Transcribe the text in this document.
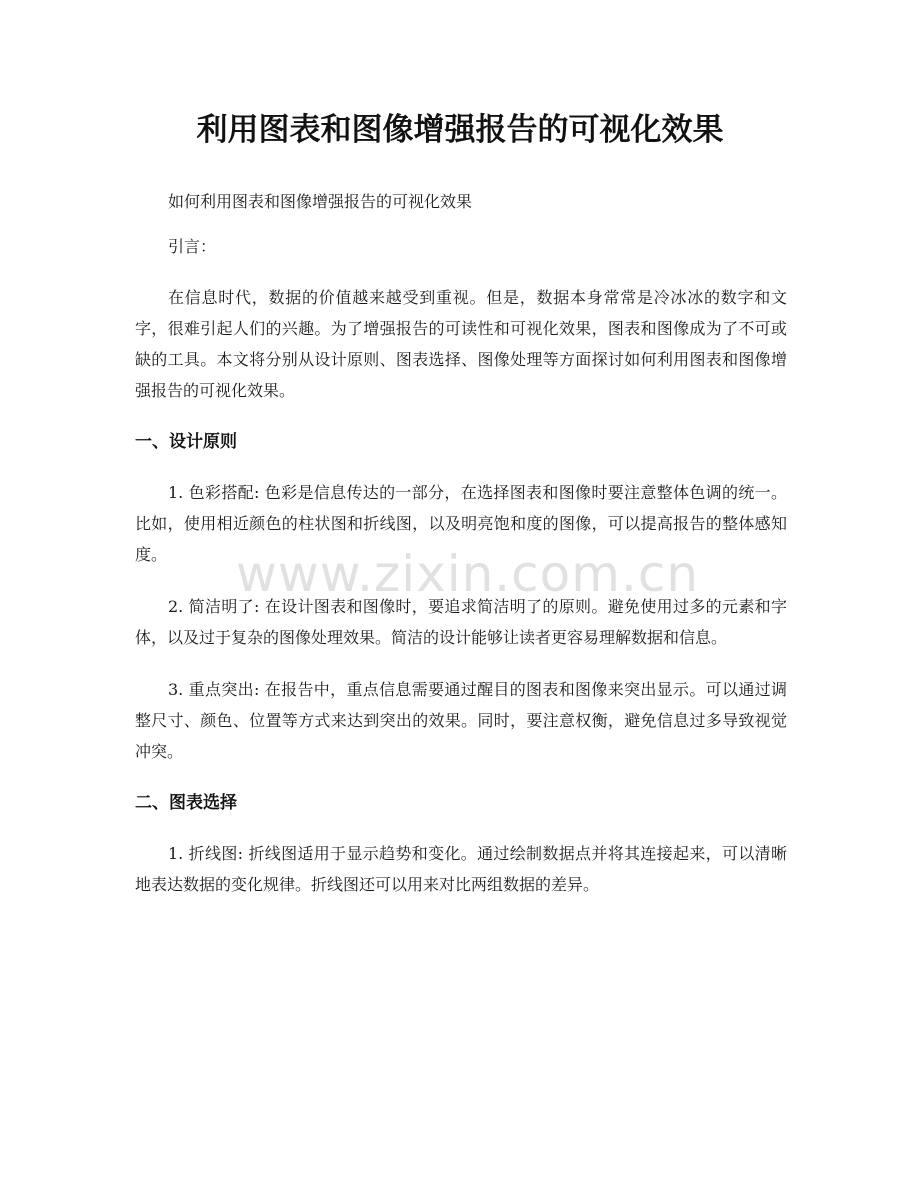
利用图表和图像增强报告的可视化效果

如何利用图表和图像增强报告的可视化效果

引言：

在信息时代，数据的价值越来越受到重视。但是，数据本身常常是冷冰冰的数字和文字，很难引起人们的兴趣。为了增强报告的可读性和可视化效果，图表和图像成为了不可或缺的工具。本文将分别从设计原则、图表选择、图像处理等方面探讨如何利用图表和图像增强报告的可视化效果。

一、设计原则

1. 色彩搭配: 色彩是信息传达的一部分，在选择图表和图像时要注意整体色调的统一。比如，使用相近颜色的柱状图和折线图，以及明亮饱和度的图像，可以提高报告的整体感知度。

2. 简洁明了: 在设计图表和图像时，要追求简洁明了的原则。避免使用过多的元素和字体，以及过于复杂的图像处理效果。简洁的设计能够让读者更容易理解数据和信息。

3. 重点突出: 在报告中，重点信息需要通过醒目的图表和图像来突出显示。可以通过调整尺寸、颜色、位置等方式来达到突出的效果。同时，要注意权衡，避免信息过多导致视觉冲突。

二、图表选择

1. 折线图: 折线图适用于显示趋势和变化。通过绘制数据点并将其连接起来，可以清晰地表达数据的变化规律。折线图还可以用来对比两组数据的差异。

www.zixin.com.cn
